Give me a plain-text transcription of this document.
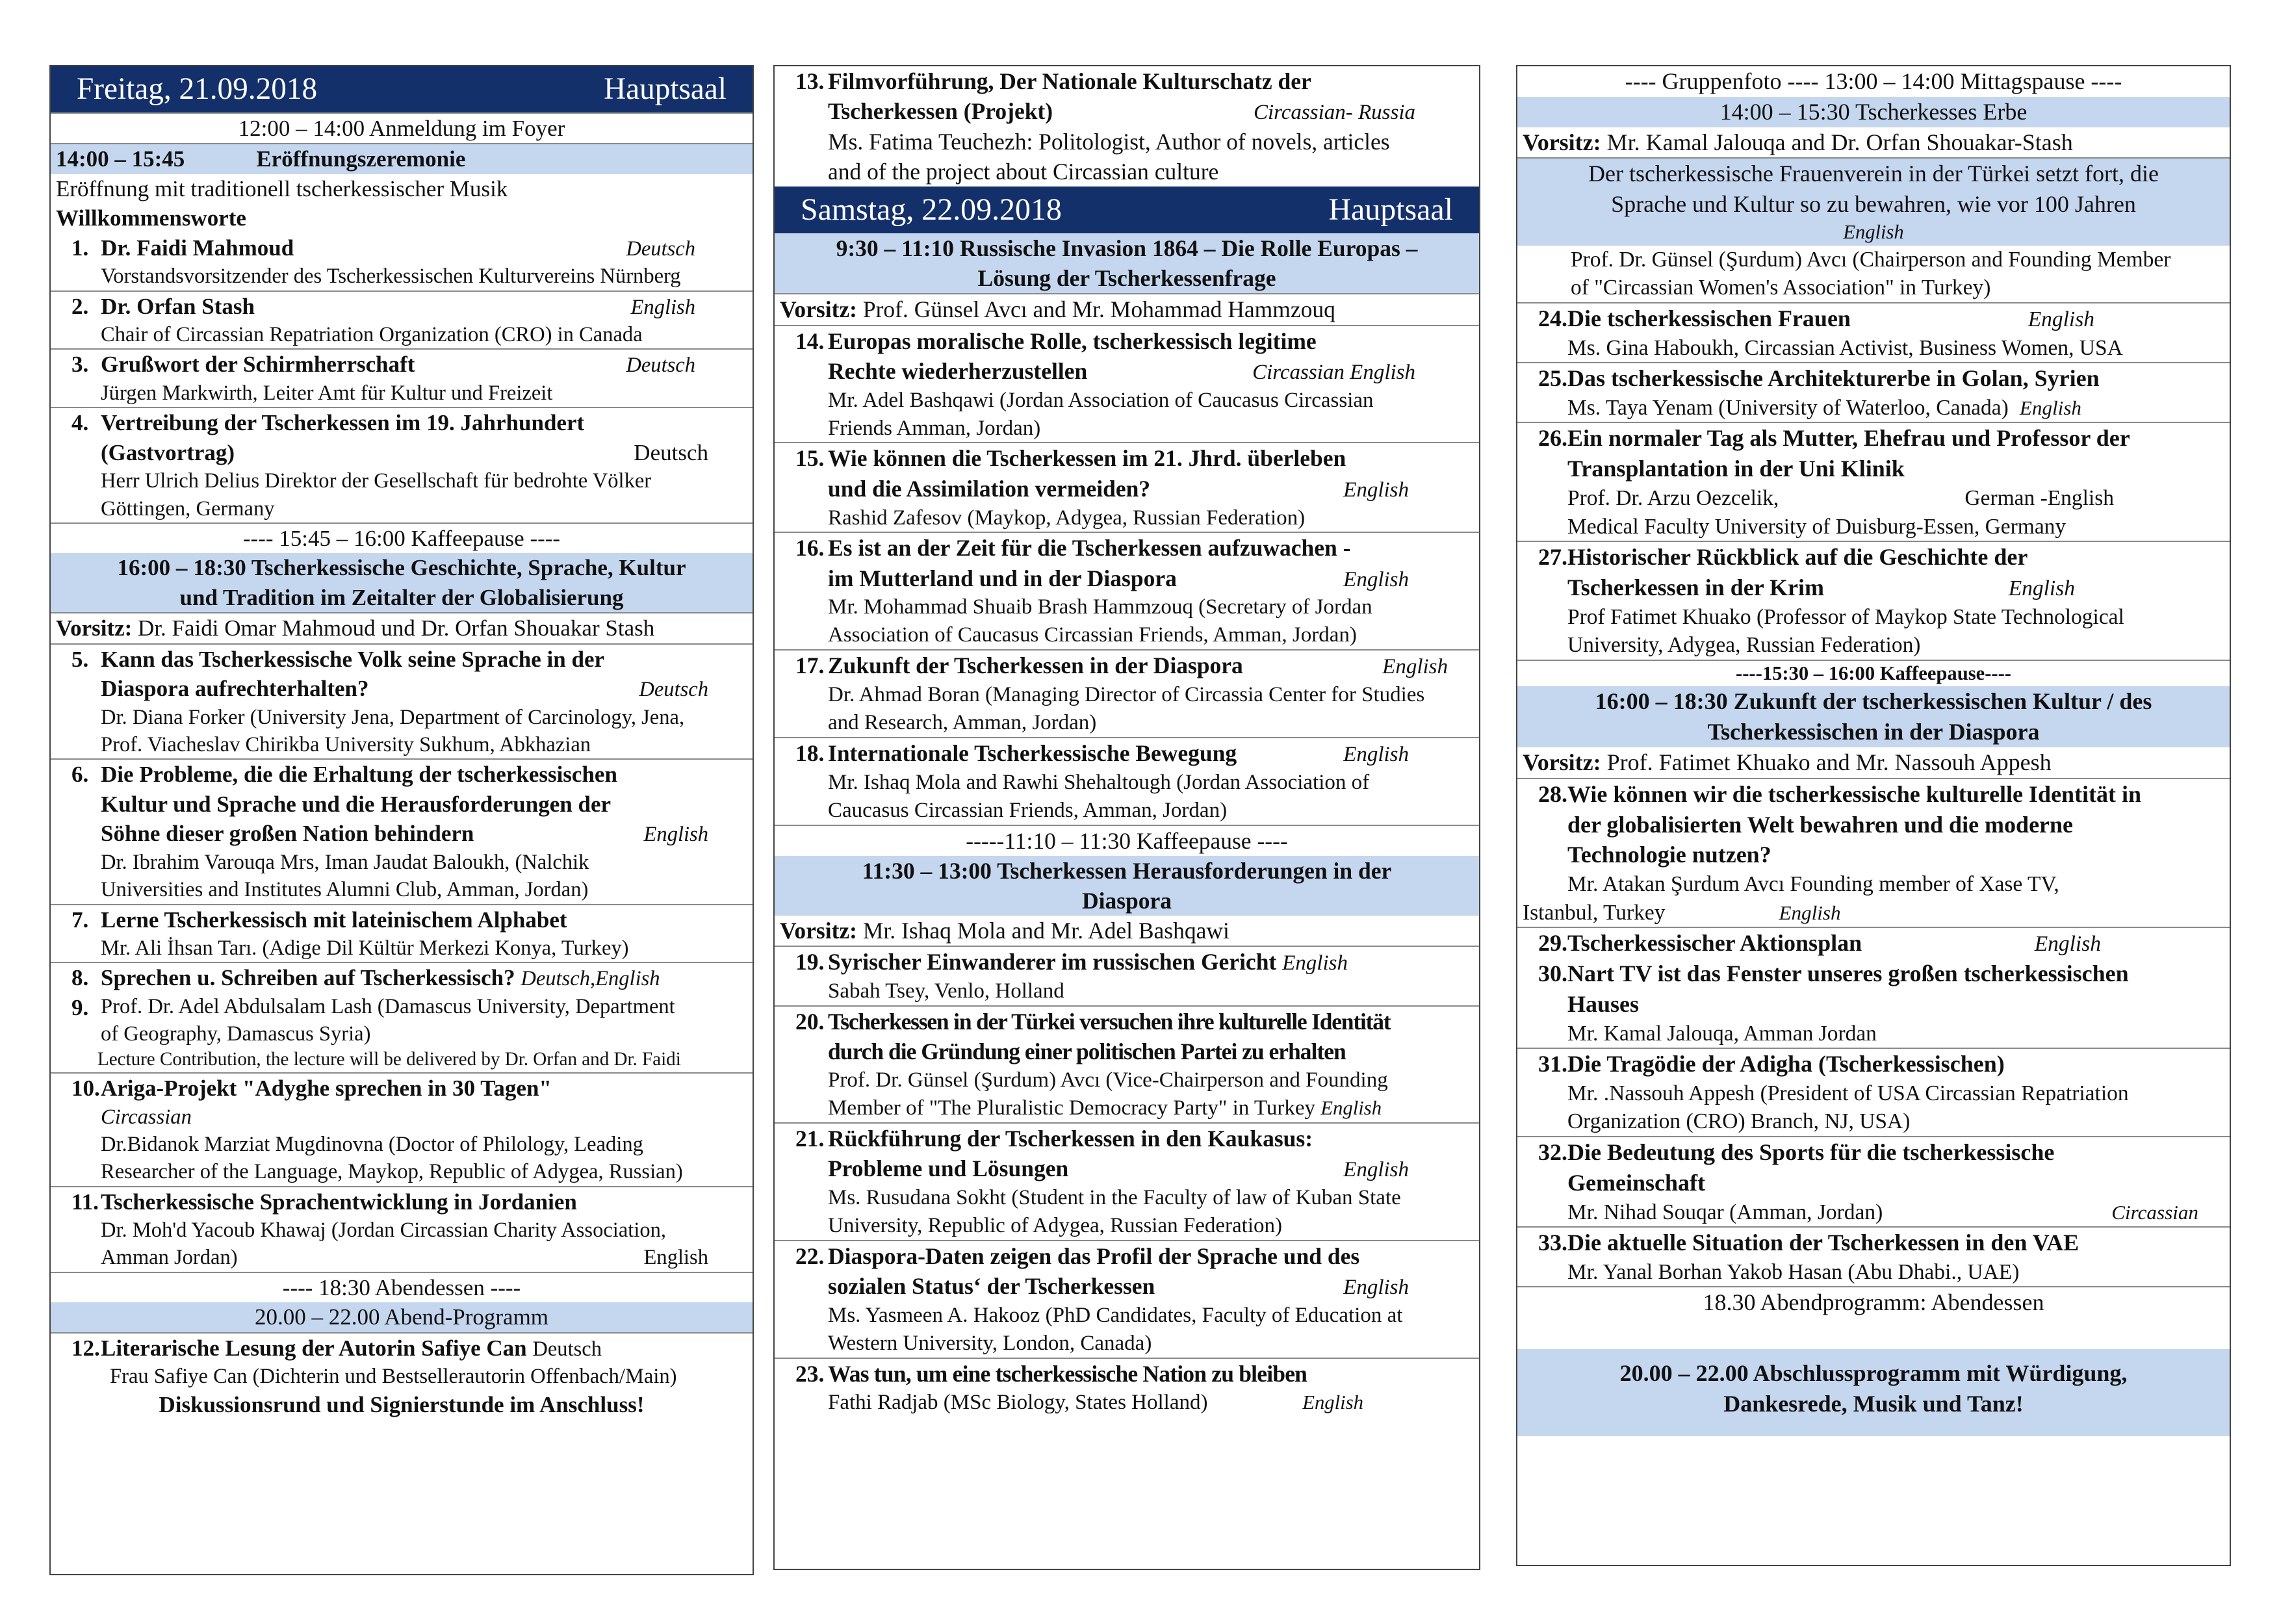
Freitag, 21.09.2018	Hauptsaal
12:00 – 14:00 Anmeldung im Foyer
14:00 – 15:45	Eröffnungszeremonie
Eröffnung mit traditionell tscherkessischer Musik
Willkommensworte
1. Dr. Faidi Mahmoud	Deutsch
Vorstandsvorsitzender des Tscherkessischen Kulturvereins Nürnberg
2. Dr. Orfan Stash	English
Chair of Circassian Repatriation Organization (CRO) in Canada
3. Grußwort der Schirmherrschaft	Deutsch
Jürgen Markwirth, Leiter Amt für Kultur und Freizeit
4. Vertreibung der Tscherkessen im 19. Jahrhundert
(Gastvortrag)	Deutsch
Herr Ulrich Delius Direktor der Gesellschaft für bedrohte Völker
Göttingen, Germany
---- 15:45 – 16:00 Kaffeepause ----
16:00 – 18:30 Tscherkessische Geschichte, Sprache, Kultur
und Tradition im Zeitalter der Globalisierung
Vorsitz: Dr. Faidi Omar Mahmoud und Dr. Orfan Shouakar Stash
5. Kann das Tscherkessische Volk seine Sprache in der
Diaspora aufrechterhalten?	Deutsch
Dr. Diana Forker (University Jena, Department of Carcinology, Jena,
Prof. Viacheslav Chirikba University Sukhum, Abkhazian
6. Die Probleme, die die Erhaltung der tscherkessischen
Kultur und Sprache und die Herausforderungen der
Söhne dieser großen Nation behindern	English
Dr. Ibrahim Varouqa Mrs, Iman Jaudat Baloukh, (Nalchik
Universities and Institutes Alumni Club, Amman, Jordan)
7. Lerne Tscherkessisch mit lateinischem Alphabet
Mr. Ali İhsan Tarı. (Adige Dil Kültür Merkezi Konya, Turkey)
8. Sprechen u. Schreiben auf Tscherkessisch? Deutsch,English
9. Prof. Dr. Adel Abdulsalam Lash (Damascus University, Department
of Geography, Damascus Syria)
Lecture Contribution, the lecture will be delivered by Dr. Orfan and Dr. Faidi
10. Ariga-Projekt "Adyghe sprechen in 30 Tagen"
Circassian
Dr.Bidanok Marziat Mugdinovna (Doctor of Philology, Leading
Researcher of the Language, Maykop, Republic of Adygea, Russian)
11. Tscherkessische Sprachentwicklung in Jordanien
Dr. Moh'd Yacoub Khawaj (Jordan Circassian Charity Association,
Amman Jordan)	English
---- 18:30 Abendessen ----
20.00 – 22.00 Abend-Programm
12. Literarische Lesung der Autorin Safiye Can Deutsch
Frau Safiye Can (Dichterin und Bestsellerautorin Offenbach/Main)
Diskussionsrund und Signierstunde im Anschluss!
13. Filmvorführung, Der Nationale Kulturschatz der
Tscherkessen (Projekt)	Circassian- Russia
Ms. Fatima Teuchezh: Politologist, Author of novels, articles
and of the project about Circassian culture
Samstag, 22.09.2018	Hauptsaal
9:30 – 11:10 Russische Invasion 1864 – Die Rolle Europas –
Lösung der Tscherkessenfrage
Vorsitz: Prof. Günsel Avcı and Mr. Mohammad Hammzouq
14. Europas moralische Rolle, tscherkessisch legitime
Rechte wiederherzustellen	Circassian English
Mr. Adel Bashqawi (Jordan Association of Caucasus Circassian
Friends Amman, Jordan)
15. Wie können die Tscherkessen im 21. Jhrd. überleben
und die Assimilation vermeiden?	English
Rashid Zafesov (Maykop, Adygea, Russian Federation)
16. Es ist an der Zeit für die Tscherkessen aufzuwachen -
im Mutterland und in der Diaspora	English
Mr. Mohammad Shuaib Brash Hammzouq (Secretary of Jordan
Association of Caucasus Circassian Friends, Amman, Jordan)
17. Zukunft der Tscherkessen in der Diaspora	English
Dr. Ahmad Boran (Managing Director of Circassia Center for Studies
and Research, Amman, Jordan)
18. Internationale Tscherkessische Bewegung	English
Mr. Ishaq Mola and Rawhi Shehaltough (Jordan Association of
Caucasus Circassian Friends, Amman, Jordan)
-----11:10 – 11:30 Kaffeepause ----
11:30 – 13:00 Tscherkessen Herausforderungen in der
Diaspora
Vorsitz: Mr. Ishaq Mola and Mr. Adel Bashqawi
19. Syrischer Einwanderer im russischen Gericht English
Sabah Tsey, Venlo, Holland
20. Tscherkessen in der Türkei versuchen ihre kulturelle Identität
durch die Gründung einer politischen Partei zu erhalten
Prof. Dr. Günsel (Şurdum) Avcı (Vice-Chairperson and Founding
Member of "The Pluralistic Democracy Party" in Turkey English
21. Rückführung der Tscherkessen in den Kaukasus:
Probleme und Lösungen	English
Ms. Rusudana Sokht (Student in the Faculty of law of Kuban State
University, Republic of Adygea, Russian Federation)
22. Diaspora-Daten zeigen das Profil der Sprache und des
sozialen Status‘ der Tscherkessen	English
Ms. Yasmeen A. Hakooz (PhD Candidates, Faculty of Education at
Western University, London, Canada)
23. Was tun, um eine tscherkessische Nation zu bleiben
Fathi Radjab (MSc Biology, States Holland)	English
---- Gruppenfoto ---- 13:00 – 14:00 Mittagspause ----
14:00 – 15:30 Tscherkesses Erbe
Vorsitz: Mr. Kamal Jalouqa and Dr. Orfan Shouakar-Stash
Der tscherkessische Frauenverein in der Türkei setzt fort, die
Sprache und Kultur so zu bewahren, wie vor 100 Jahren
English
Prof. Dr. Günsel (Şurdum) Avcı (Chairperson and Founding Member
of "Circassian Women's Association" in Turkey)
24. Die tscherkessischen Frauen	English
Ms. Gina Haboukh, Circassian Activist, Business Women, USA
25. Das tscherkessische Architekturerbe in Golan, Syrien
Ms. Taya Yenam (University of Waterloo, Canada) English
26. Ein normaler Tag als Mutter, Ehefrau und Professor der
Transplantation in der Uni Klinik
Prof. Dr. Arzu Oezcelik,	German -English
Medical Faculty University of Duisburg-Essen, Germany
27. Historischer Rückblick auf die Geschichte der
Tscherkessen in der Krim	English
Prof Fatimet Khuako (Professor of Maykop State Technological
University, Adygea, Russian Federation)
----15:30 – 16:00 Kaffeepause----
16:00 – 18:30 Zukunft der tscherkessischen Kultur / des
Tscherkessischen in der Diaspora
Vorsitz: Prof. Fatimet Khuako and Mr. Nassouh Appesh
28. Wie können wir die tscherkessische kulturelle Identität in
der globalisierten Welt bewahren und die moderne
Technologie nutzen?
Mr. Atakan Şurdum Avcı Founding member of Xase TV,
Istanbul, Turkey	English
29. Tscherkessischer Aktionsplan	English
30. Nart TV ist das Fenster unseres großen tscherkessischen
Hauses
Mr. Kamal Jalouqa, Amman Jordan
31. Die Tragödie der Adigha (Tscherkessischen)
Mr. .Nassouh Appesh (President of USA Circassian Repatriation
Organization (CRO) Branch, NJ, USA)
32. Die Bedeutung des Sports für die tscherkessische
Gemeinschaft
Mr. Nihad Souqar (Amman, Jordan)	Circassian
33. Die aktuelle Situation der Tscherkessen in den VAE
Mr. Yanal Borhan Yakob Hasan (Abu Dhabi., UAE)
18.30 Abendprogramm: Abendessen
20.00 – 22.00 Abschlussprogramm mit Würdigung,
Dankesrede, Musik und Tanz!
